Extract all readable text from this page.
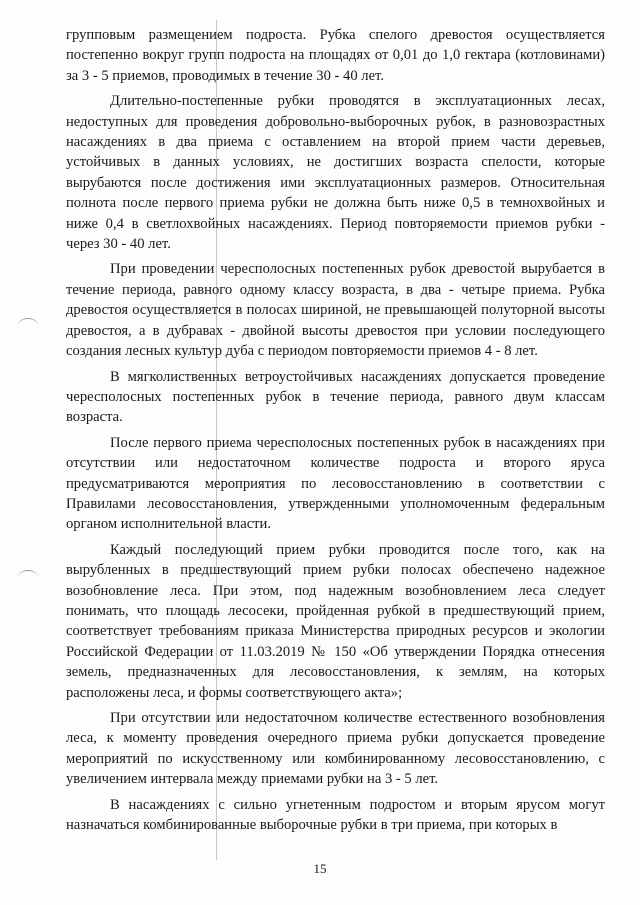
групповым размещением подроста. Рубка спелого древостоя осуществляется постепенно вокруг групп подроста на площадях от 0,01 до 1,0 гектара (котловинами) за 3 - 5 приемов, проводимых в течение 30 - 40 лет.

Длительно-постепенные рубки проводятся в эксплуатационных лесах, недоступных для проведения добровольно-выборочных рубок, в разновозрастных насаждениях в два приема с оставлением на второй прием части деревьев, устойчивых в данных условиях, не достигших возраста спелости, которые вырубаются после достижения ими эксплуатационных размеров. Относительная полнота после первого приема рубки не должна быть ниже 0,5 в темнохвойных и ниже 0,4 в светлохвойных насаждениях. Период повторяемости приемов рубки - через 30 - 40 лет.

При проведении чересполосных постепенных рубок древостой вырубается в течение периода, равного одному классу возраста, в два - четыре приема. Рубка древостоя осуществляется в полосах шириной, не превышающей полуторной высоты древостоя, а в дубравах - двойной высоты древостоя при условии последующего создания лесных культур дуба с периодом повторяемости приемов 4 - 8 лет.

В мягколиственных ветроустойчивых насаждениях допускается проведение чересполосных постепенных рубок в течение периода, равного двум классам возраста.

После первого приема чересполосных постепенных рубок в насаждениях при отсутствии или недостаточном количестве подроста и второго яруса предусматриваются мероприятия по лесовосстановлению в соответствии с Правилами лесовосстановления, утвержденными уполномоченным федеральным органом исполнительной власти.

Каждый последующий прием рубки проводится после того, как на вырубленных в предшествующий прием рубки полосах обеспечено надежное возобновление леса. При этом, под надежным возобновлением леса следует понимать, что площадь лесосеки, пройденная рубкой в предшествующий прием, соответствует требованиям приказа Министерства природных ресурсов и экологии Российской Федерации от 11.03.2019 № 150 «Об утверждении Порядка отнесения земель, предназначенных для лесовосстановления, к землям, на которых расположены леса, и формы соответствующего акта»;

При отсутствии или недостаточном количестве естественного возобновления леса, к моменту проведения очередного приема рубки допускается проведение мероприятий по искусственному или комбинированному лесовосстановлению, с увеличением интервала между приемами рубки на 3 - 5 лет.

В насаждениях с сильно угнетенным подростом и вторым ярусом могут назначаться комбинированные выборочные рубки в три приема, при которых в

15
